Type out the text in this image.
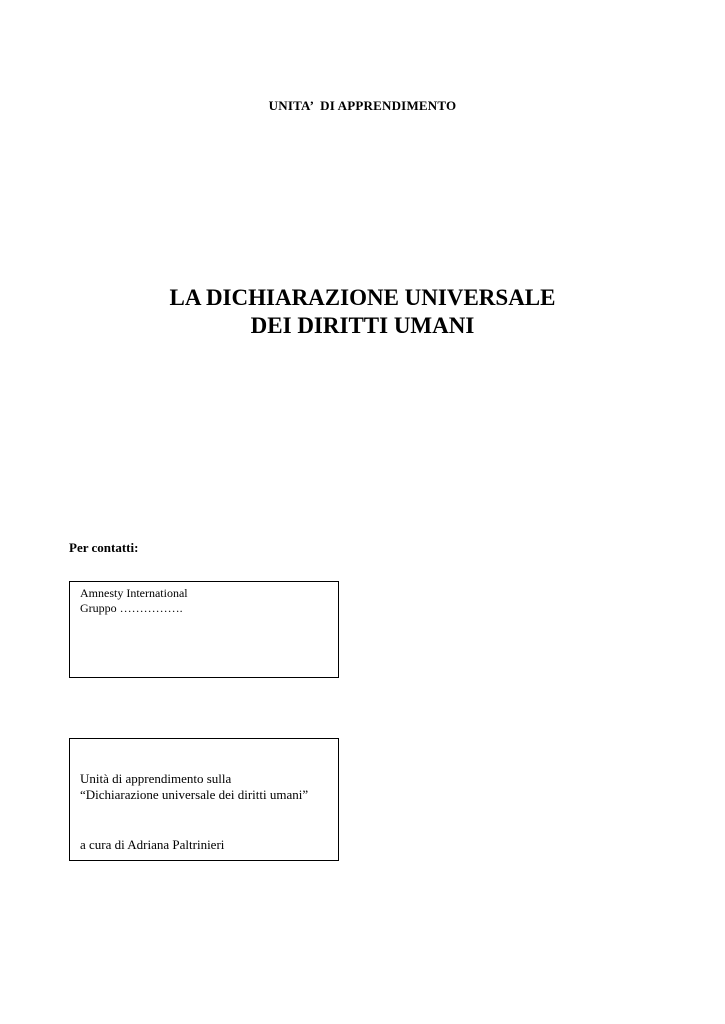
UNITA’  DI APPRENDIMENTO
LA DICHIARAZIONE UNIVERSALE
DEI DIRITTI UMANI
Per contatti:
Amnesty International
Gruppo …………….
Unità di apprendimento sulla
“Dichiarazione universale dei diritti umani”
a cura di Adriana Paltrinieri
